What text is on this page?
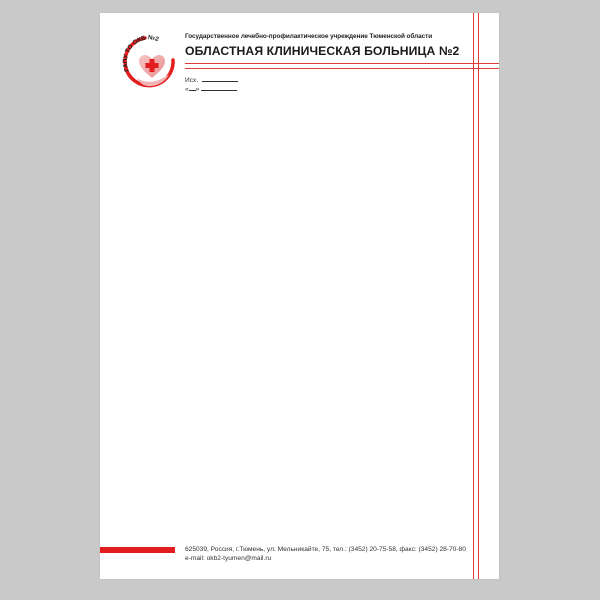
ГАПУ ТО ОКБ №2	Государственное лечебно-профилактическое учреждение Тюменской области
ОБЛАСТНАЯ КЛИНИЧЕСКАЯ БОЛЬНИЦА №2
Исх.
« »
625039, Россия, г.Тюмень, ул. Мельникайте, 75, тел.: (3452) 20-75-58, факс: (3452) 28-70-80
e-mail: okb2-tyumen@mail.ru
